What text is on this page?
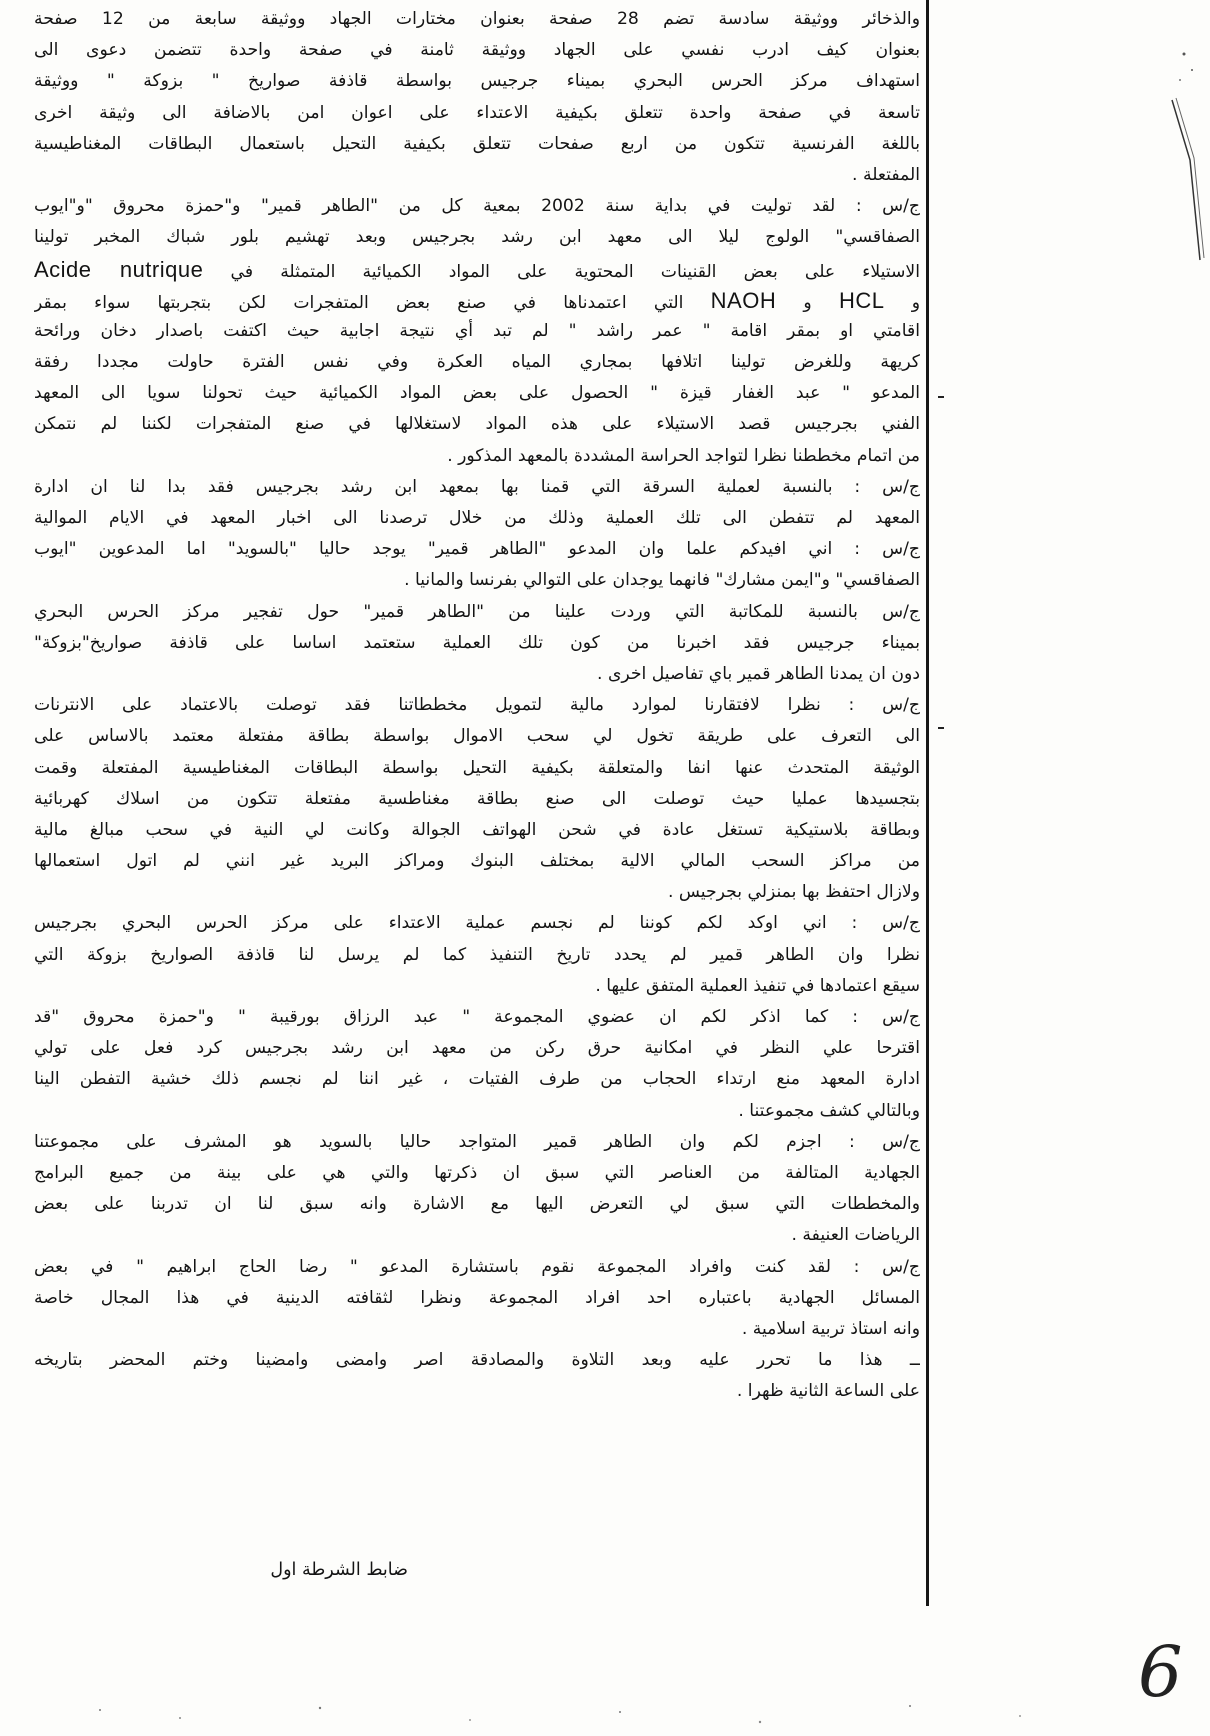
والذخائر ووثيقة سادسة تضم 28 صفحة بعنوان مختارات الجهاد ووثيقة سابعة من 12 صفحة
بعنوان كيف ادرب نفسي على الجهاد ووثيقة ثامنة في صفحة واحدة تتضمن دعوى الى
استهداف مركز الحرس البحري بميناء جرجيس بواسطة قاذفة صواريخ " بزوكة " ووثيقة
تاسعة في صفحة واحدة تتعلق بكيفية الاعتداء على اعوان امن بالاضافة الى وثيقة اخرى
باللغة الفرنسية تتكون من اربع صفحات تتعلق بكيفية التحيل باستعمال البطاقات المغناطيسية
المفتعلة .
ج/س : لقد توليت في بداية سنة 2002 بمعية كل من "الطاهر قمير" و"حمزة محروق "و"ايوب
الصفاقسي" الولوج ليلا الى معهد ابن رشد بجرجيس وبعد تهشيم بلور شباك المخبر تولينا
الاستيلاء على بعض القنينات المحتوية على المواد الكميائية المتمثلة في Acide nutrique
و HCL و NAOH التي اعتمدناها في صنع بعض المتفجرات لكن بتجربتها سواء بمقر
اقامتي او بمقر اقامة " عمر راشد " لم تبد أي نتيجة اجابية حيث اكتفت باصدار دخان ورائحة
كريهة وللغرض تولينا اتلافها بمجاري المياه العكرة وفي نفس الفترة حاولت مجددا رفقة
المدعو " عبد الغفار قيزة " الحصول على بعض المواد الكميائية حيث تحولنا سويا الى المعهد
الفني بجرجيس قصد الاستيلاء على هذه المواد لاستغلالها في صنع المتفجرات لكننا لم نتمكن
من اتمام مخططنا نظرا لتواجد الحراسة المشددة بالمعهد المذكور .
ج/س : بالنسبة لعملية السرقة التي قمنا بها بمعهد ابن رشد بجرجيس فقد بدا لنا ان ادارة
المعهد لم تتفطن الى تلك العملية وذلك من خلال ترصدنا الى اخبار المعهد في الايام الموالية
ج/س : اني افيدكم علما وان المدعو "الطاهر قمير" يوجد حاليا "بالسويد" اما المدعوين "ايوب
الصفاقسي" و"ايمن مشارك" فانهما يوجدان على التوالي بفرنسا والمانيا .
ج/س بالنسبة للمكاتبة التي وردت علينا من "الطاهر قمير" حول تفجير مركز الحرس البحري
بميناء جرجيس فقد اخبرنا من كون تلك العملية ستعتمد اساسا على قاذفة صواريخ"بزوكة"
دون ان يمدنا الطاهر قمير باي تفاصيل اخرى .
ج/س : نظرا لافتقارنا لموارد مالية لتمويل مخططاتنا فقد توصلت بالاعتماد على الانترنات
الى التعرف على طريقة تخول لي سحب الاموال بواسطة بطاقة مفتعلة معتمد بالاساس على
الوثيقة المتحدث عنها انفا والمتعلقة بكيفية التحيل بواسطة البطاقات المغناطيسية المفتعلة وقمت
بتجسيدها عمليا حيث توصلت الى صنع بطاقة مغناطسية مفتعلة تتكون من اسلاك كهربائية
وبطاقة بلاستيكية تستغل عادة في شحن الهواتف الجوالة وكانت لي النية في سحب مبالغ مالية
من مراكز السحب المالي الالية بمختلف البنوك ومراكز البريد غير انني لم اتول استعمالها
ولازال احتفظ بها بمنزلي بجرجيس .
ج/س : اني اوكد لكم كوننا لم نجسم عملية الاعتداء على مركز الحرس البحري بجرجيس
نظرا وان الطاهر قمير لم يحدد تاريخ التنفيذ كما لم يرسل لنا قاذفة الصواريخ بزوكة التي
سيقع اعتمادها في تنفيذ العملية المتفق عليها .
ج/س : كما اذكر لكم ان عضوي المجموعة " عبد الرزاق بورقيبة " و"حمزة محروق "قد
اقترحا علي النظر في امكانية حرق ركن من معهد ابن رشد بجرجيس كرد فعل على تولي
ادارة المعهد منع ارتداء الحجاب من طرف الفتيات ، غير اننا لم نجسم ذلك خشية التفطن الينا
وبالتالي كشف مجموعتنا .
ج/س : اجزم لكم وان الطاهر قمير المتواجد حاليا بالسويد هو المشرف على مجموعتنا
الجهادية المتالفة من العناصر التي سبق ان ذكرتها والتي هي على بينة من جميع البرامج
والمخططات التي سبق لي التعرض اليها مع الاشارة وانه سبق لنا ان تدربنا على بعض
الرياضات العنيفة .
ج/س : لقد كنت وافراد المجموعة نقوم باستشارة المدعو " رضا الحاج ابراهيم " في بعض
المسائل الجهادية باعتباره احد افراد المجموعة ونظرا لثقافته الدينية في هذا المجال خاصة
وانه استاذ تربية اسلامية .
ــ هذا ما تحرر عليه وبعد التلاوة والمصادقة اصر وامضى وامضينا وختم المحضر بتاريخه
على الساعة الثانية ظهرا .
ضابط الشرطة اول
6
